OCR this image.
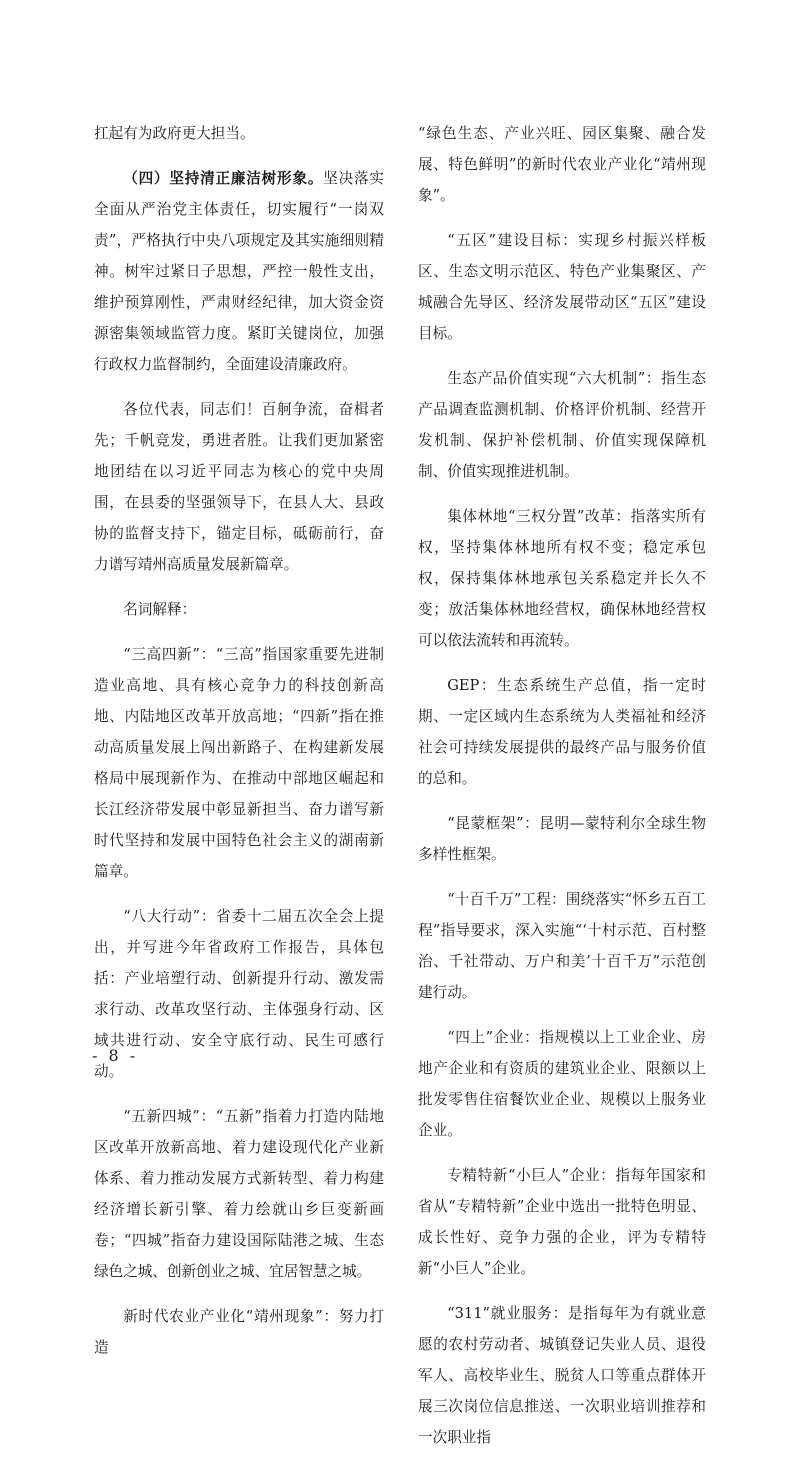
扛起有为政府更大担当。

（四）坚持清正廉洁树形象。坚决落实全面从严治党主体责任，切实履行“一岗双责”，严格执行中央八项规定及其实施细则精神。树牢过紧日子思想，严控一般性支出，维护预算刚性，严肃财经纪律，加大资金资源密集领域监管力度。紧盯关键岗位，加强行政权力监督制约，全面建设清廉政府。

各位代表，同志们！百舸争流，奋楫者先；千帆竞发，勇进者胜。让我们更加紧密地团结在以习近平同志为核心的党中央周围，在县委的坚强领导下，在县人大、县政协的监督支持下，锚定目标，砥砺前行，奋力谱写靖州高质量发展新篇章。

名词解释：

“三高四新”：“三高”指国家重要先进制造业高地、具有核心竞争力的科技创新高地、内陆地区改革开放高地；“四新”指在推动高质量发展上闯出新路子、在构建新发展格局中展现新作为、在推动中部地区崛起和长江经济带发展中彰显新担当、奋力谱写新时代坚持和发展中国特色社会主义的湖南新篇章。

“八大行动”：省委十二届五次全会上提出，并写进今年省政府工作报告，具体包括：产业培塑行动、创新提升行动、激发需求行动、改革攻坚行动、主体强身行动、区域共进行动、安全守底行动、民生可感行动。

“五新四城”：“五新”指着力打造内陆地区改革开放新高地、着力建设现代化产业新体系、着力推动发展方式新转型、着力构建经济增长新引擎、着力绘就山乡巨变新画卷；“四城”指奋力建设国际陆港之城、生态绿色之城、创新创业之城、宜居智慧之城。

新时代农业产业化“靖州现象”：努力打造

“绿色生态、产业兴旺、园区集聚、融合发展、特色鲜明”的新时代农业产业化“靖州现象”。

“五区”建设目标：实现乡村振兴样板区、生态文明示范区、特色产业集聚区、产城融合先导区、经济发展带动区“五区”建设目标。

生态产品价值实现“六大机制”：指生态产品调查监测机制、价格评价机制、经营开发机制、保护补偿机制、价值实现保障机制、价值实现推进机制。

集体林地“三权分置”改革：指落实所有权，坚持集体林地所有权不变；稳定承包权，保持集体林地承包关系稳定并长久不变；放活集体林地经营权，确保林地经营权可以依法流转和再流转。

GEP：生态系统生产总值，指一定时期、一定区域内生态系统为人类福祉和经济社会可持续发展提供的最终产品与服务价值的总和。

“昆蒙框架”：昆明—蒙特利尔全球生物多样性框架。

“十百千万”工程：围绕落实“怀乡五百工程”指导要求，深入实施“‘十村示范、百村整治、千社带动、万户和美’十百千万”示范创建行动。

“四上”企业：指规模以上工业企业、房地产企业和有资质的建筑业企业、限额以上批发零售住宿餐饮业企业、规模以上服务业企业。

专精特新“小巨人”企业：指每年国家和省从“专精特新”企业中选出一批特色明显、成长性好、竞争力强的企业，评为专精特新“小巨人”企业。

“311”就业服务：是指每年为有就业意愿的农村劳动者、城镇登记失业人员、退役军人、高校毕业生、脱贫人口等重点群体开展三次岗位信息推送、一次职业培训推荐和一次职业指

- 8 -
